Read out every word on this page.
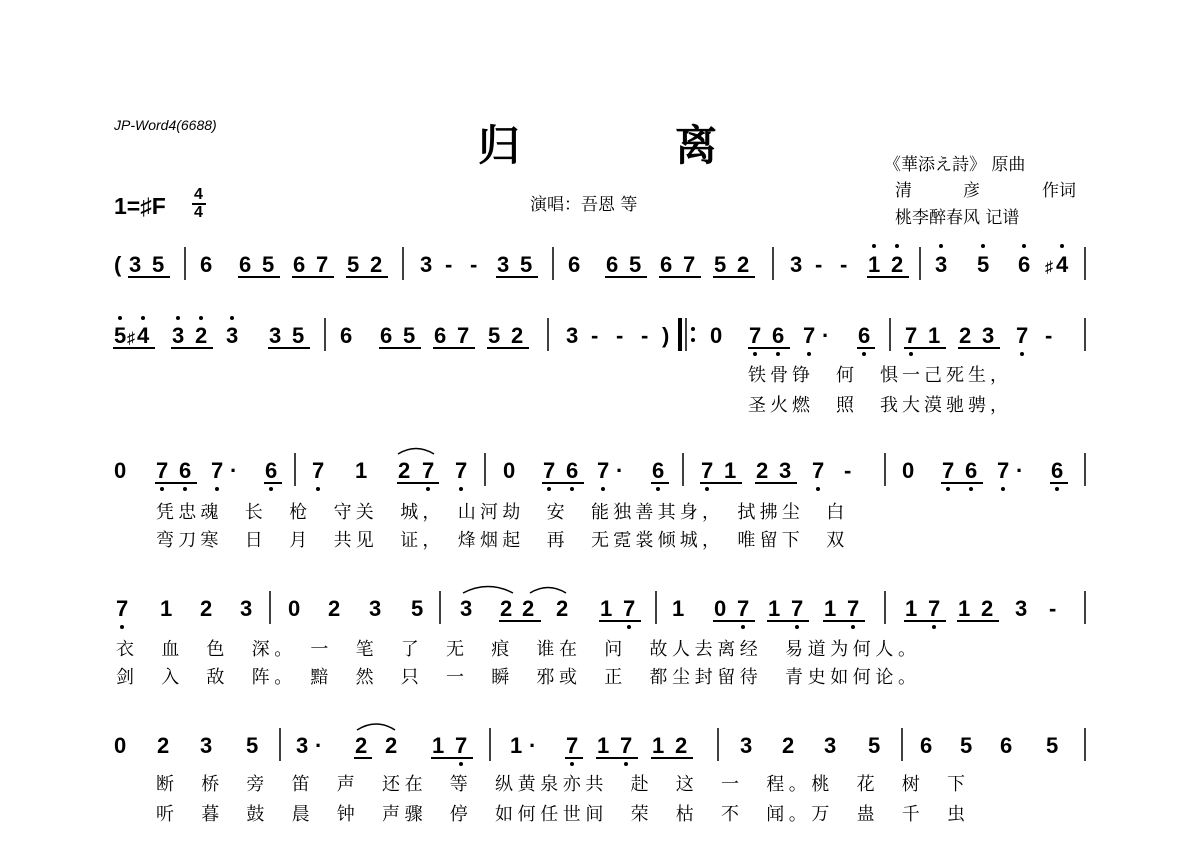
JP-Word4(6688)	归	离	《華添え詩》 原曲
清　　　彦	作词
桃李醉春风 记谱
1=♯F 4
4	演唱：吾恩 等
( 3 5 6 6 5 6 7 5 2 3 - - 3 5 6 6 5 6 7 5 2 3 - - 1 2 3 5 6 ♯ 4
5 ♯ 4 3 2 3 3 5 6 6 5 6 7 5 2 3 - - - ) 0 7 6 7 · 6 7 1 2 3 7 -
铁骨铮　何　惧一己死生，
圣火燃　照　我大漠驰骋，
0 7 6 7 · 6 7 1 2 7 7 0 7 6 7 · 6 7 1 2 3 7 - 0 7 6 7 · 6
凭忠魂　长　枪　守关　城，　山河劫　安　能独善其身，　拭拂尘　白
弯刀寒　日　月　共见　证，　烽烟起　再　无霓裳倾城，　唯留下　双
7 1 2 3 0 2 3 5 3 2 2 2 1 7 1 0 7 1 7 1 7 1 7 1 2 3 -
衣　血　色　深。　一　笔　了　无　痕　谁在　问　故人去离经　易道为何人。
剑　入　敌　阵。　黯　然　只　一　瞬　邪或　正　都尘封留待　青史如何论。
0 2 3 5 3 · 2 2 1 7 1 · 7 1 7 1 2 3 2 3 5 6 5 6 5
断　桥　旁　笛　声　还在　等　纵黄泉亦共　赴　这　一　程。桃　花　树　下
听　暮　鼓　晨　钟　声骤　停　如何任世间　荣　枯　不　闻。万　蛊　千　虫
